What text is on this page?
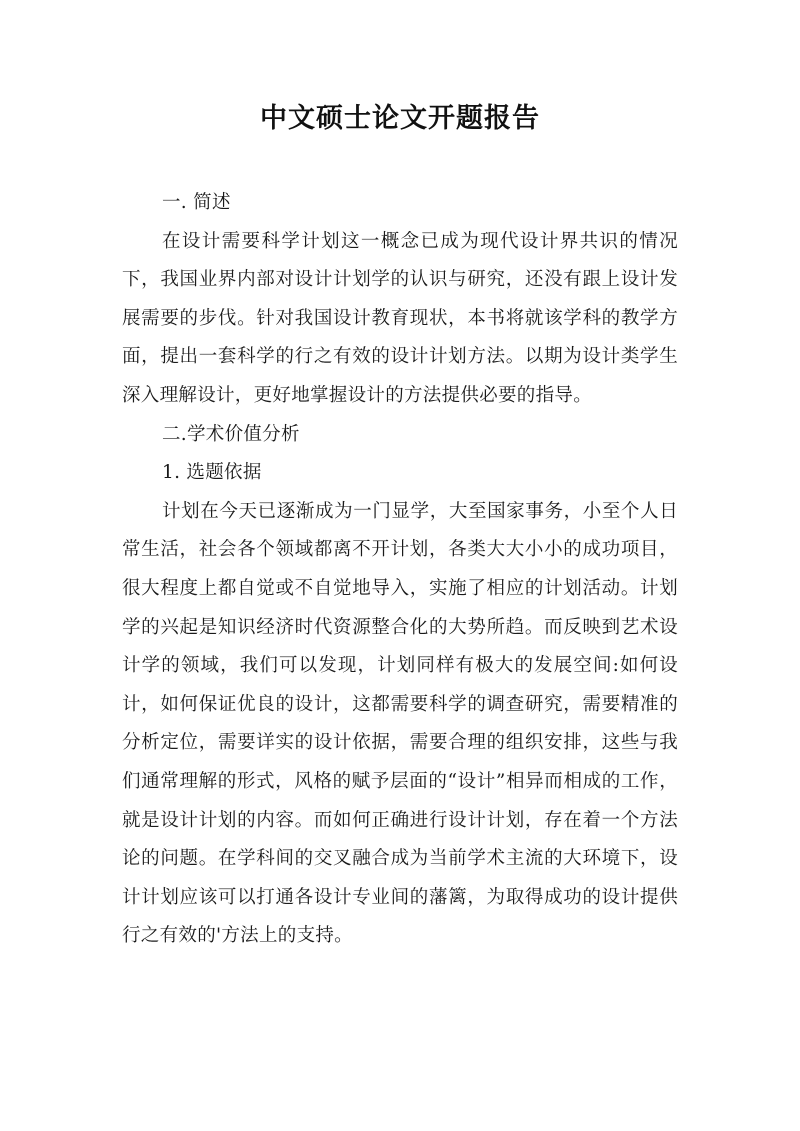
中文硕士论文开题报告

一. 简述

在设计需要科学计划这一概念已成为现代设计界共识的情况下，我国业界内部对设计计划学的认识与研究，还没有跟上设计发展需要的步伐。针对我国设计教育现状，本书将就该学科的教学方面，提出一套科学的行之有效的设计计划方法。以期为设计类学生深入理解设计，更好地掌握设计的方法提供必要的指导。

二.学术价值分析

1. 选题依据

计划在今天已逐渐成为一门显学，大至国家事务，小至个人日常生活，社会各个领域都离不开计划，各类大大小小的成功项目，很大程度上都自觉或不自觉地导入，实施了相应的计划活动。计划学的兴起是知识经济时代资源整合化的大势所趋。而反映到艺术设计学的领域，我们可以发现，计划同样有极大的发展空间:如何设计，如何保证优良的设计，这都需要科学的调查研究，需要精准的分析定位，需要详实的设计依据，需要合理的组织安排，这些与我们通常理解的形式，风格的赋予层面的“设计”相异而相成的工作，就是设计计划的内容。而如何正确进行设计计划，存在着一个方法论的问题。在学科间的交叉融合成为当前学术主流的大环境下，设计计划应该可以打通各设计专业间的藩篱，为取得成功的设计提供行之有效的'方法上的支持。
